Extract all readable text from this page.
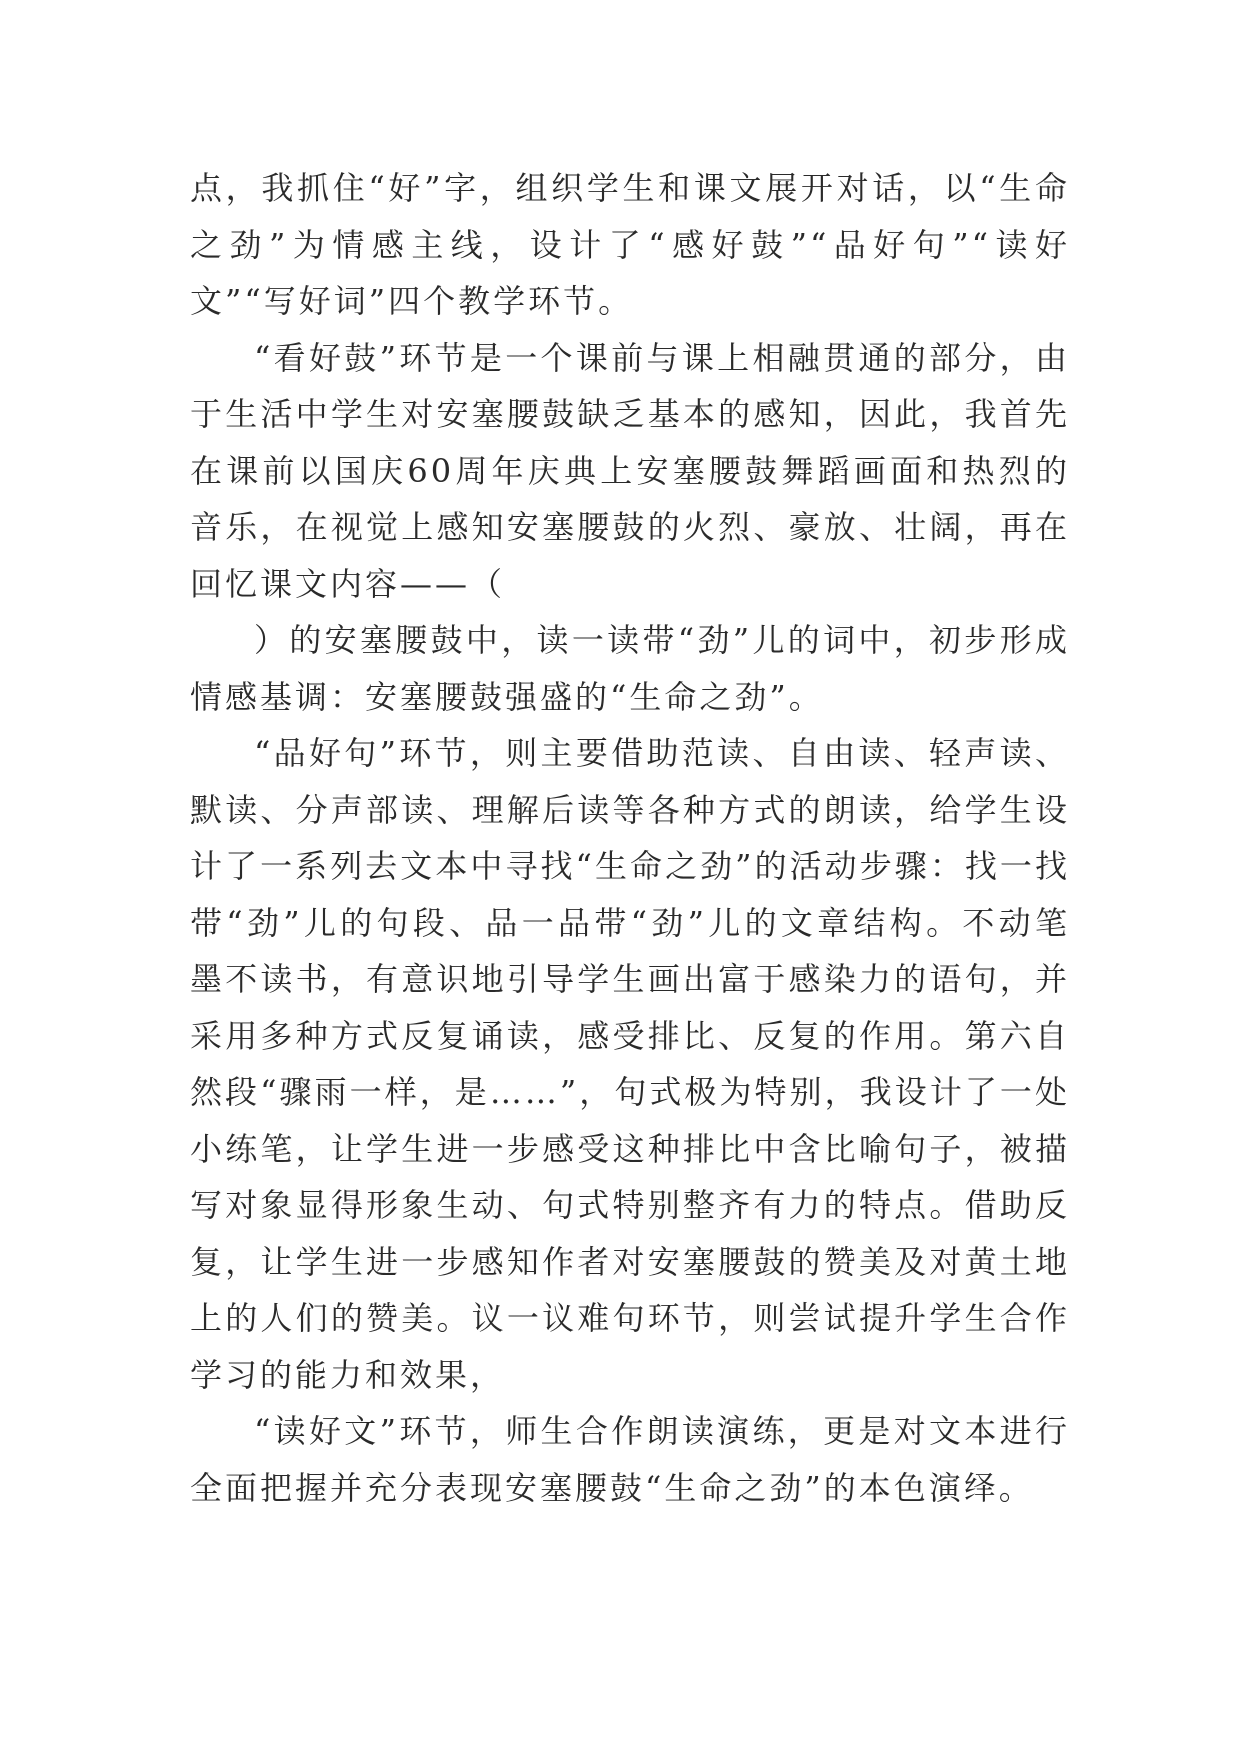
点，我抓住“好”字，组织学生和课文展开对话，以“生命之劲”为情感主线，设计了“感好鼓”“品好句”“读好文”“写好词”四个教学环节。

“看好鼓”环节是一个课前与课上相融贯通的部分，由于生活中学生对安塞腰鼓缺乏基本的感知，因此，我首先在课前以国庆60周年庆典上安塞腰鼓舞蹈画面和热烈的音乐，在视觉上感知安塞腰鼓的火烈、豪放、壮阔，再在回忆课文内容——（

）的安塞腰鼓中，读一读带“劲”儿的词中，初步形成情感基调：安塞腰鼓强盛的“生命之劲”。

“品好句”环节，则主要借助范读、自由读、轻声读、默读、分声部读、理解后读等各种方式的朗读，给学生设计了一系列去文本中寻找“生命之劲”的活动步骤：找一找带“劲”儿的句段、品一品带“劲”儿的文章结构。不动笔墨不读书，有意识地引导学生画出富于感染力的语句，并采用多种方式反复诵读，感受排比、反复的作用。第六自然段“骤雨一样，是……”，句式极为特别，我设计了一处小练笔，让学生进一步感受这种排比中含比喻句子，被描写对象显得形象生动、句式特别整齐有力的特点。借助反复，让学生进一步感知作者对安塞腰鼓的赞美及对黄土地上的人们的赞美。议一议难句环节，则尝试提升学生合作学习的能力和效果，

“读好文”环节，师生合作朗读演练，更是对文本进行全面把握并充分表现安塞腰鼓“生命之劲”的本色演绎。
